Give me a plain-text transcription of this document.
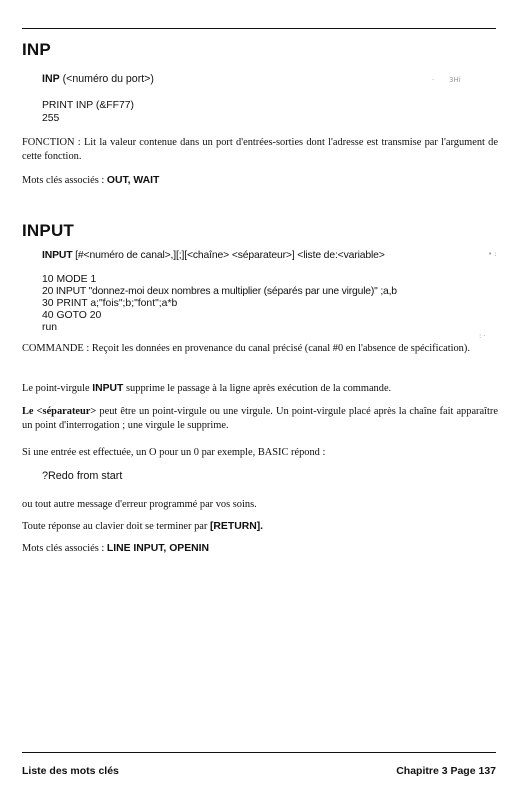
INP
INP (<numéro du port>)
PRINT INP (&FF77)
255

FONCTION : Lit la valeur contenue dans un port d'entrées-sorties dont l'adresse est transmise par l'argument de cette fonction.

Mots clés associés : OUT, WAIT
INPUT
INPUT [#<numéro de canal>,][;][<chaîne> <séparateur>] <liste de:<variable>
10 MODE 1
20 INPUT "donnez-moi deux nombres a multiplier (séparés par une virgule)" ;a,b
30 PRINT a;"fois";b;"font";a*b
40 GOTO 20
run

COMMANDE : Reçoit les données en provenance du canal précisé (canal #0 en l'absence de spécification).

Le point-virgule INPUT supprime le passage à la ligne après exécution de la commande.

Le <séparateur> peut être un point-virgule ou une virgule. Un point-virgule placé après la chaîne fait apparaître un point d'interrogation ; une virgule le supprime.

Si une entrée est effectuée, un O pour un 0 par exemple, BASIC répond :
?Redo from start
ou tout autre message d'erreur programmé par vos soins.
Toute réponse au clavier doit se terminer par [RETURN].
Mots clés associés : LINE INPUT, OPENIN
3Hi
• :
: ·
·
Liste des mots clés	Chapitre 3 Page 137
